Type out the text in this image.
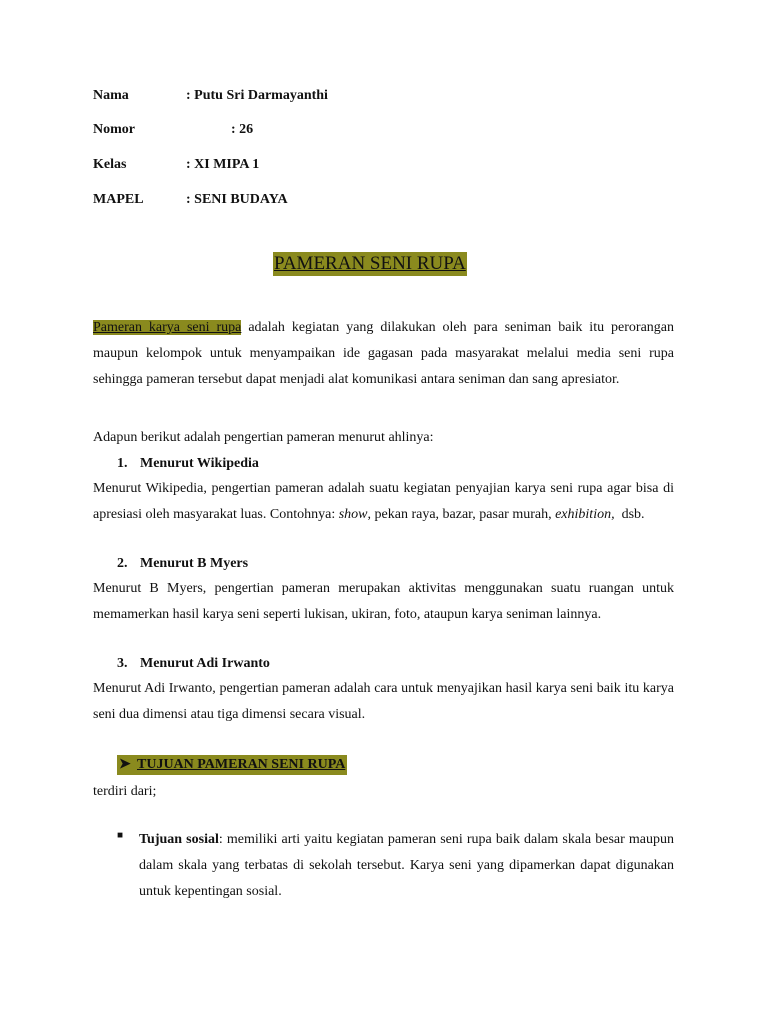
Nama	: Putu Sri Darmayanthi
Nomor	: 26
Kelas	: XI MIPA 1
MAPEL	: SENI BUDAYA
PAMERAN SENI RUPA
Pameran karya seni rupa adalah kegiatan yang dilakukan oleh para seniman baik itu perorangan maupun kelompok untuk menyampaikan ide gagasan pada masyarakat melalui media seni rupa sehingga pameran tersebut dapat menjadi alat komunikasi antara seniman dan sang apresiator.
Adapun berikut adalah pengertian pameran menurut ahlinya:
1. Menurut Wikipedia
Menurut Wikipedia, pengertian pameran adalah suatu kegiatan penyajian karya seni rupa agar bisa di apresiasi oleh masyarakat luas. Contohnya: show, pekan raya, bazar, pasar murah, exhibition,  dsb.
2. Menurut B Myers
Menurut B Myers, pengertian pameran merupakan aktivitas menggunakan suatu ruangan untuk memamerkan hasil karya seni seperti lukisan, ukiran, foto, ataupun karya seniman lainnya.
3. Menurut Adi Irwanto
Menurut Adi Irwanto, pengertian pameran adalah cara untuk menyajikan hasil karya seni baik itu karya seni dua dimensi atau tiga dimensi secara visual.
➤ TUJUAN PAMERAN SENI RUPA
terdiri dari;
■ Tujuan sosial: memiliki arti yaitu kegiatan pameran seni rupa baik dalam skala besar maupun dalam skala yang terbatas di sekolah tersebut. Karya seni yang dipamerkan dapat digunakan untuk kepentingan sosial.
